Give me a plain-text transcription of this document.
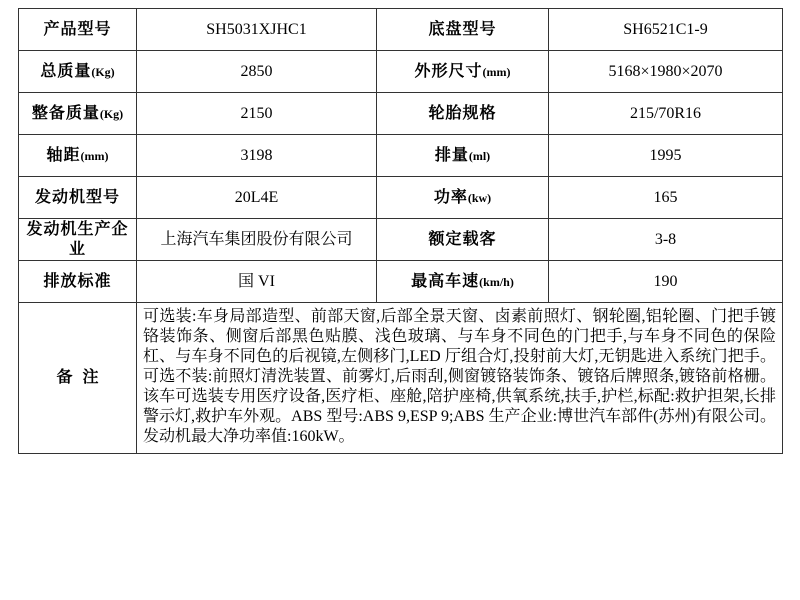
产品型号	SH5031XJHC1	底盘型号	SH6521C1-9
总质量(Kg)	2850	外形尺寸(mm)	5168×1980×2070
整备质量(Kg)	2150	轮胎规格	215/70R16
轴距(mm)	3198	排量(ml)	1995
发动机型号	20L4E	功率(kw)	165
发动机生产企业	上海汽车集团股份有限公司	额定载客	3-8
排放标准	国 VI	最高车速(km/h)	190
备注	可选装:车身局部造型、前部天窗,后部全景天窗、卤素前照灯、钢轮圈,铝轮圈、门把手镀铬装饰条、侧窗后部黑色贴膜、浅色玻璃、与车身不同色的门把手,与车身不同色的保险杠、与车身不同色的后视镜,左侧移门,LED 厅组合灯,投射前大灯,无钥匙进入系统门把手。可选不装:前照灯清洗装置、前雾灯,后雨刮,侧窗镀铬装饰条、镀铬后牌照条,镀铬前格栅。该车可选装专用医疗设备,医疗柜、座舱,陪护座椅,供氧系统,扶手,护栏,标配:救护担架,长排警示灯,救护车外观。ABS 型号:ABS 9,ESP 9;ABS 生产企业:博世汽车部件(苏州)有限公司。发动机最大净功率值:160kW。		
